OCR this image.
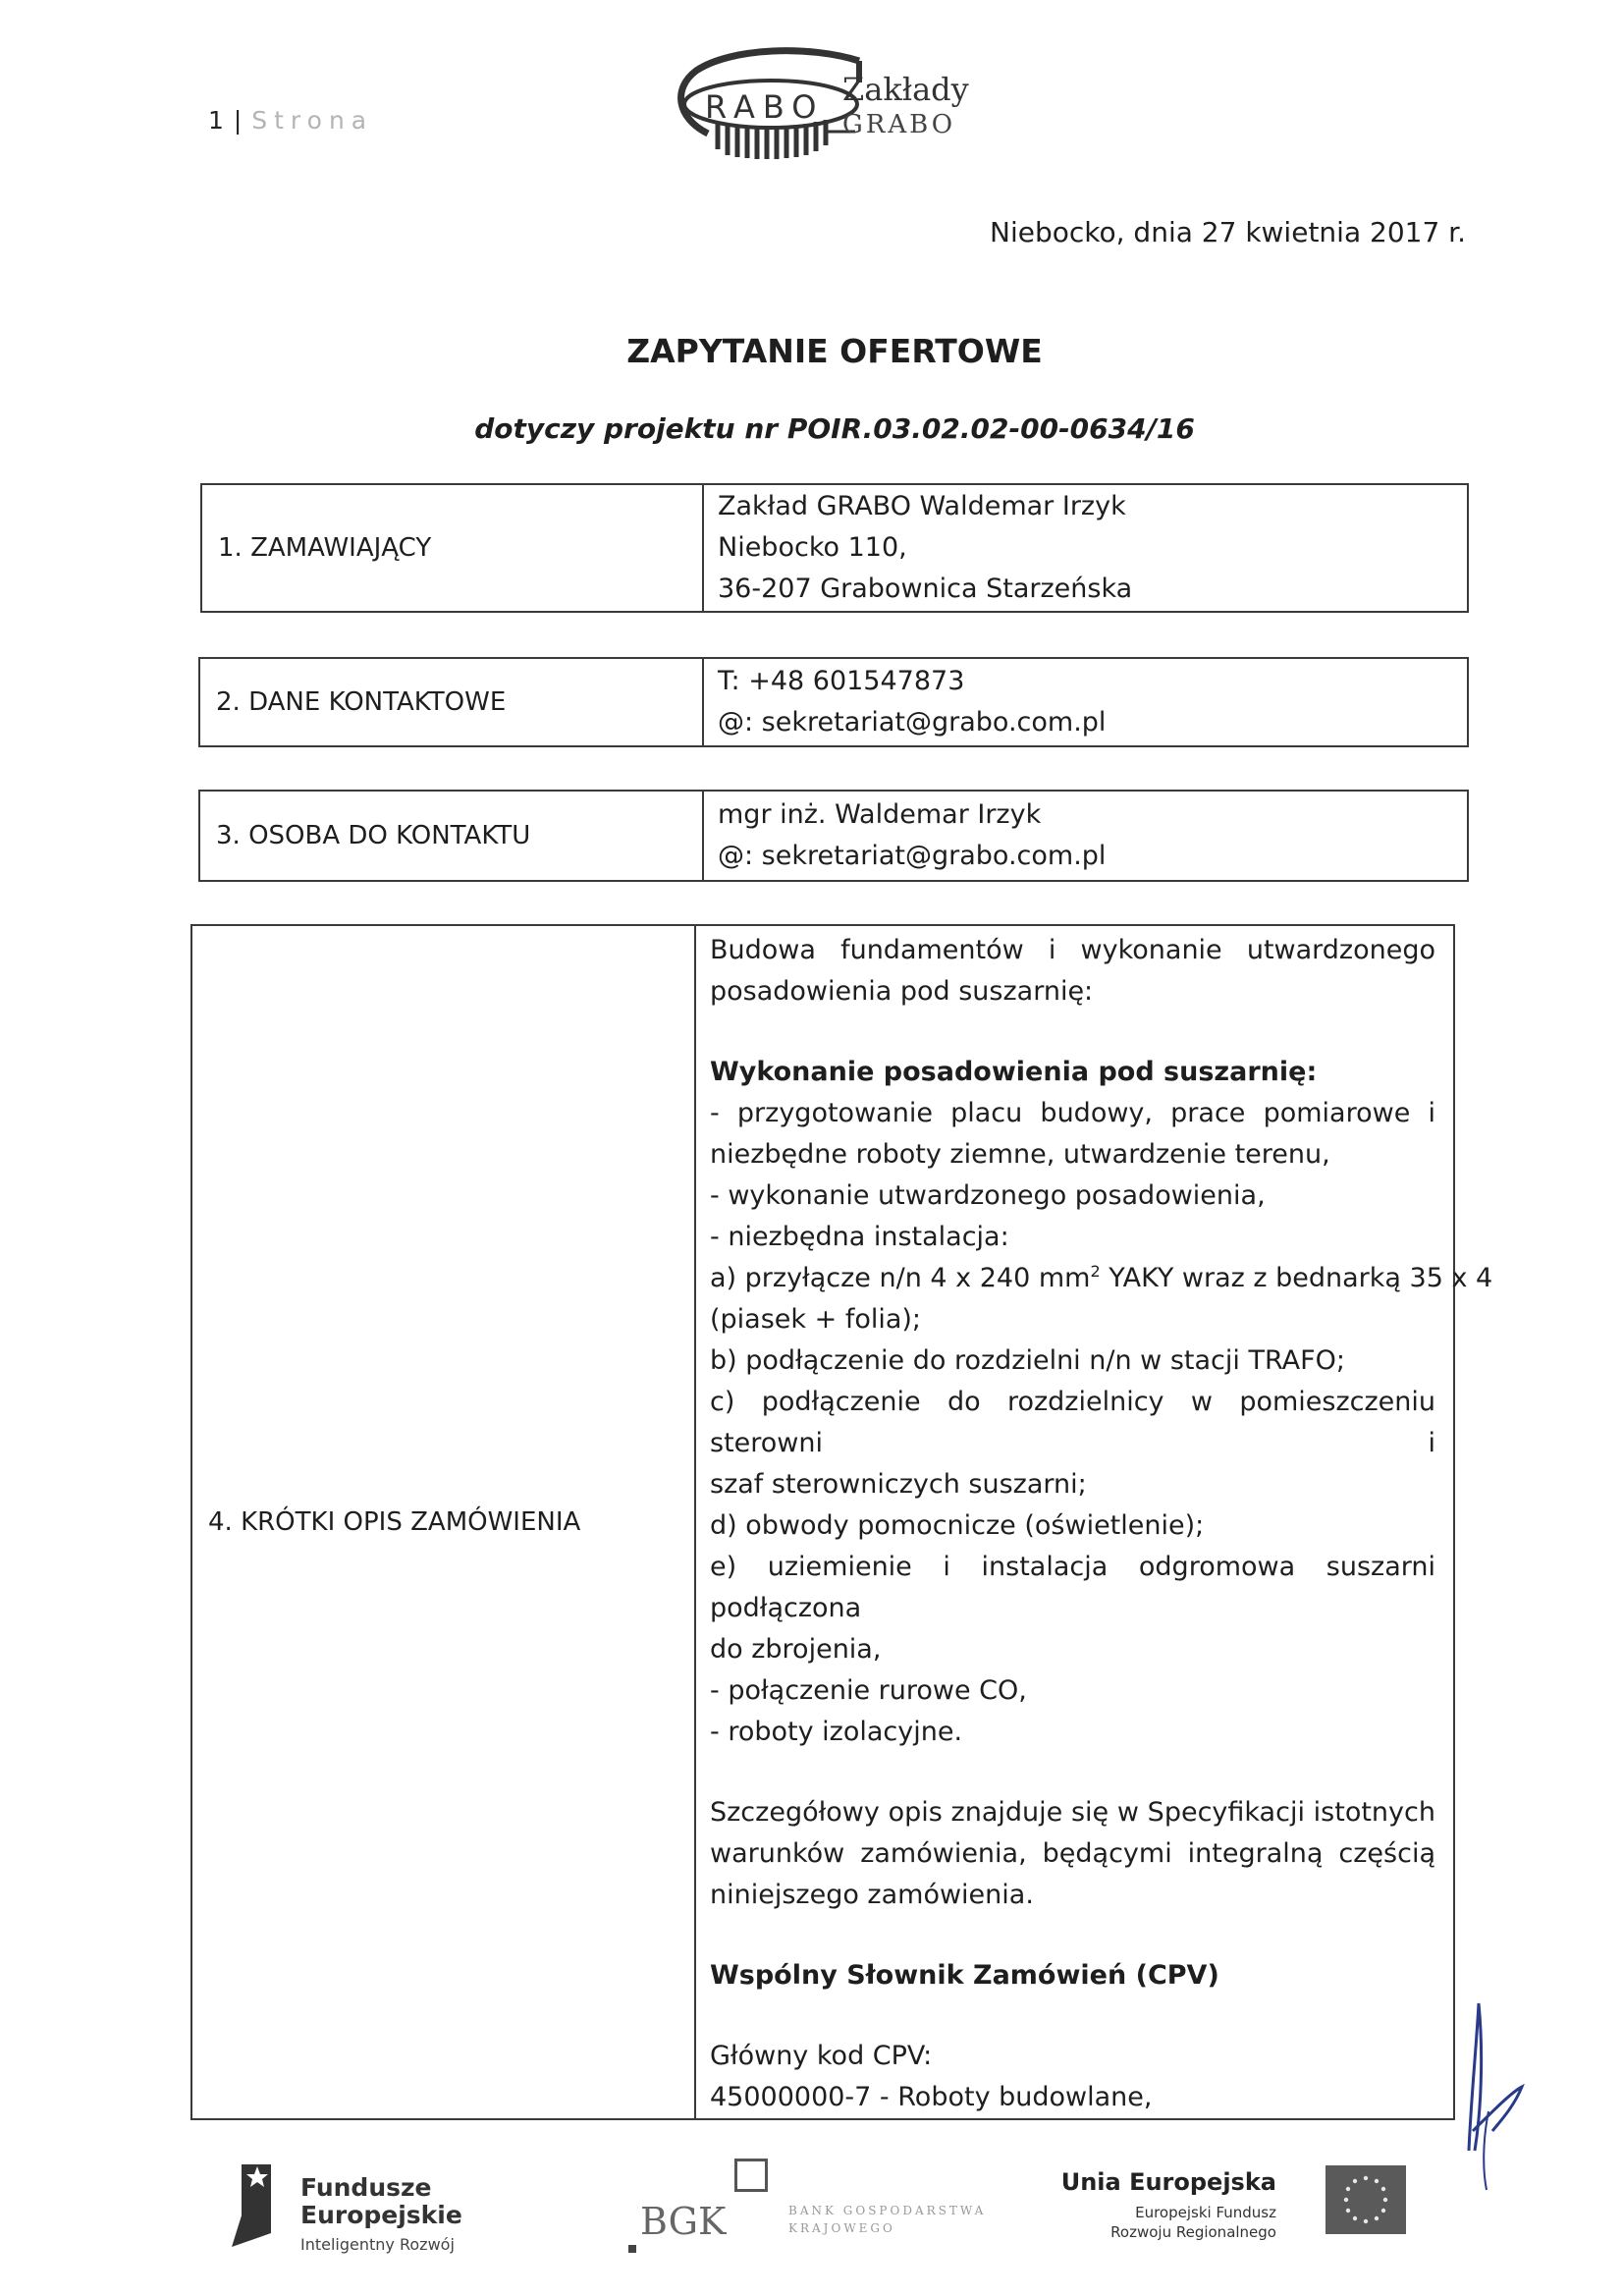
1 | Strona	RABO Zakłady
GRABO
Niebocko, dnia 27 kwietnia 2017 r.
ZAPYTANIE OFERTOWE
dotyczy projektu nr POIR.03.02.02-00-0634/16
1. ZAMAWIAJĄCY
Zakład GRABO Waldemar Irzyk
Niebocko 110,
36-207 Grabownica Starzeńska
2. DANE KONTAKTOWE
T: +48 601547873
@: sekretariat@grabo.com.pl
3. OSOBA DO KONTAKTU
mgr inż. Waldemar Irzyk
@: sekretariat@grabo.com.pl
4. KRÓTKI OPIS ZAMÓWIENIA
Budowa fundamentów i wykonanie utwardzonego
posadowienia pod suszarnię:
Wykonanie posadowienia pod suszarnię:
- przygotowanie placu budowy, prace pomiarowe i
niezbędne roboty ziemne, utwardzenie terenu,
- wykonanie utwardzonego posadowienia,
- niezbędna instalacja:
a) przyłącze n/n 4 x 240 $mm^2$ YAKY wraz z bednarką 35 x 4
(piasek + folia);
b) podłączenie do rozdzielni n/n w stacji TRAFO;
c) podłączenie do rozdzielnicy w pomieszczeniu sterowni i
szaf sterowniczych suszarni;
d) obwody pomocnicze (oświetlenie);
e) uziemienie i instalacja odgromowa suszarni podłączona
do zbrojenia,
- połączenie rurowe CO,
- roboty izolacyjne.
Szczegółowy opis znajduje się w Specyfikacji istotnych
warunków zamówienia, będącymi integralną częścią
niniejszego zamówienia.
Wspólny Słownik Zamówień (CPV)
Główny kod CPV:
45000000-7 - Roboty budowlane,
Fundusze
Europejskie
Inteligentny Rozwój
BGK	BANK GOSPODARSTWA
KRAJOWEGO
Unia Europejska
Europejski Fundusz
Rozwoju Regionalnego
